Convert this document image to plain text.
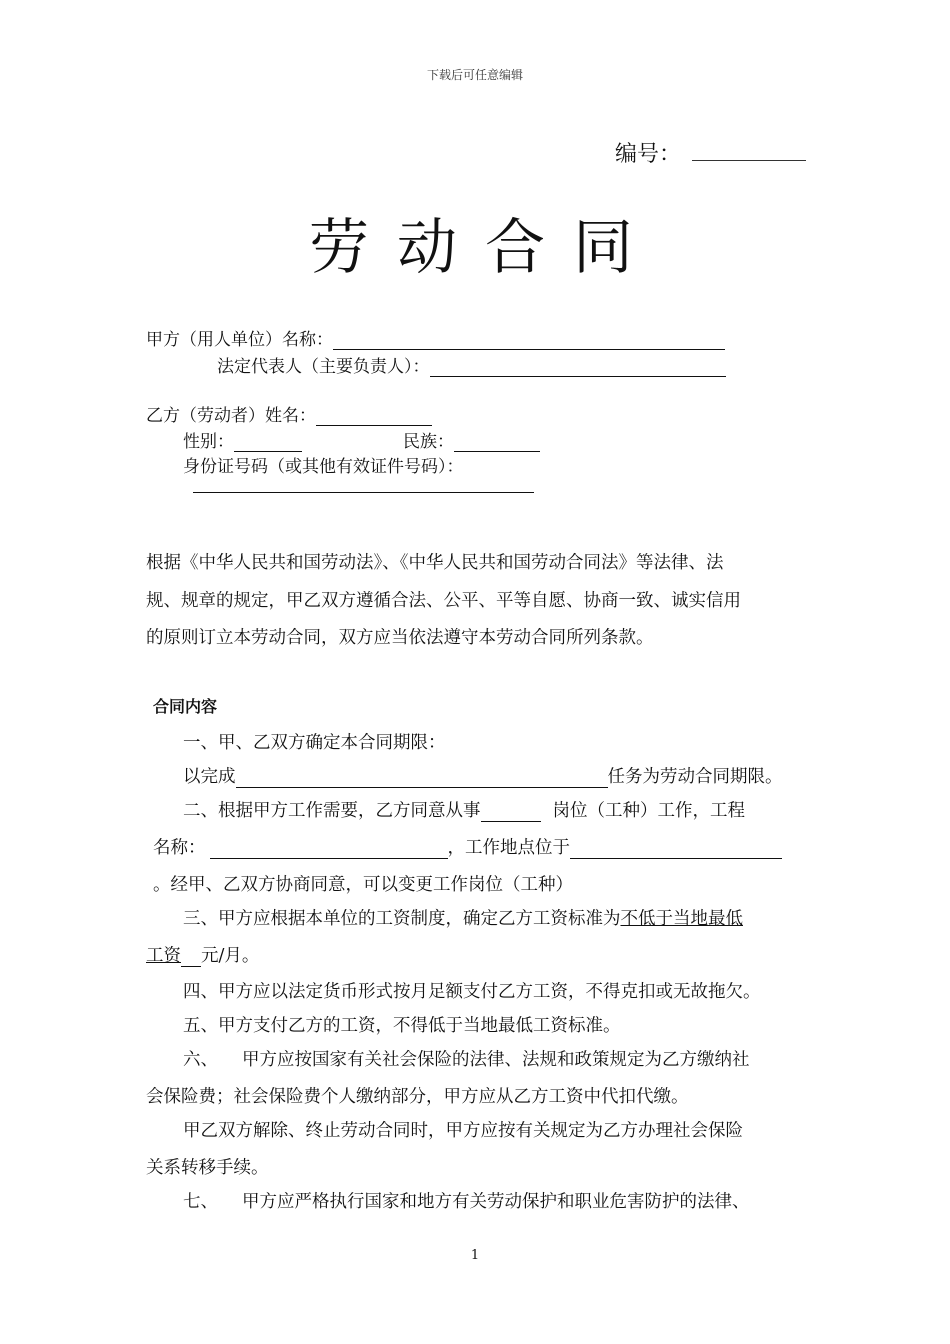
下载后可任意编辑
编号：
劳动合同
甲方（用人单位）名称：
法定代表人（主要负责人）：
乙方（劳动者）姓名：
性别：	民族：
身份证号码（或其他有效证件号码）：
根据《中华人民共和国劳动法》、《中华人民共和国劳动合同法》等法律、法
规、规章的规定，甲乙双方遵循合法、公平、平等自愿、协商一致、诚实信用
的原则订立本劳动合同，双方应当依法遵守本劳动合同所列条款。
合同内容
一、甲、乙双方确定本合同期限：
以完成	任务为劳动合同期限。
二、根据甲方工作需要，乙方同意从事	岗位（工种）工作，工程
名称：	，工作地点位于
。经甲、乙双方协商同意，可以变更工作岗位（工种）
三、甲方应根据本单位的工资制度，确定乙方工资标准为不低于当地最低
工资 元/月。
四、甲方应以法定货币形式按月足额支付乙方工资，不得克扣或无故拖欠。
五、甲方支付乙方的工资，不得低于当地最低工资标准。
六、 甲方应按国家有关社会保险的法律、法规和政策规定为乙方缴纳社
会保险费；社会保险费个人缴纳部分，甲方应从乙方工资中代扣代缴。
甲乙双方解除、终止劳动合同时，甲方应按有关规定为乙方办理社会保险
关系转移手续。
七、 甲方应严格执行国家和地方有关劳动保护和职业危害防护的法律、
1
